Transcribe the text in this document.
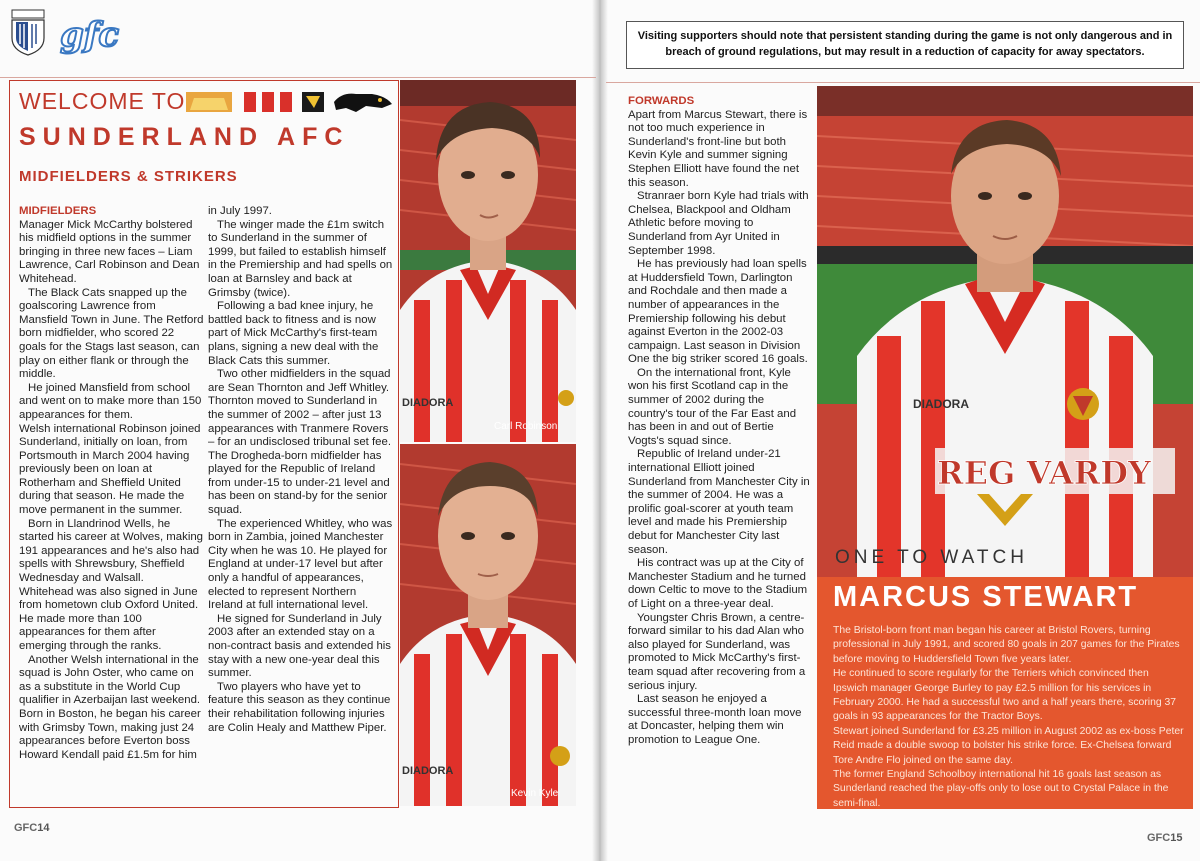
gfc
WELCOME TO
SUNDERLAND AFC
MIDFIELDERS & STRIKERS
MIDFIELDERS

Manager Mick McCarthy bolstered his midfield options in the summer bringing in three new faces – Liam Lawrence, Carl Robinson and Dean Whitehead.

The Black Cats snapped up the goalscoring Lawrence from Mansfield Town in June. The Retford born midfielder, who scored 22 goals for the Stags last season, can play on either flank or through the middle.

He joined Mansfield from school and went on to make more than 150 appearances for them.

Welsh international Robinson joined Sunderland, initially on loan, from Portsmouth in March 2004 having previously been on loan at Rotherham and Sheffield United during that season. He made the move permanent in the summer.

Born in Llandrinod Wells, he started his career at Wolves, making 191 appearances and he's also had spells with Shrewsbury, Sheffield Wednesday and Walsall.

Whitehead was also signed in June from hometown club Oxford United. He made more than 100 appearances for them after emerging through the ranks.

Another Welsh international in the squad is John Oster, who came on as a substitute in the World Cup qualifier in Azerbaijan last weekend. Born in Boston, he began his career with Grimsby Town, making just 24 appearances before Everton boss Howard Kendall paid £1.5m for him

in July 1997.

The winger made the £1m switch to Sunderland in the summer of 1999, but failed to establish himself in the Premiership and had spells on loan at Barnsley and back at Grimsby (twice).

Following a bad knee injury, he battled back to fitness and is now part of Mick McCarthy's first-team plans, signing a new deal with the Black Cats this summer.

Two other midfielders in the squad are Sean Thornton and Jeff Whitley. Thornton moved to Sunderland in the summer of 2002 – after just 13 appearances with Tranmere Rovers – for an undisclosed tribunal set fee.

The Drogheda-born midfielder has played for the Republic of Ireland from under-15 to under-21 level and has been on stand-by for the senior squad.

The experienced Whitley, who was born in Zambia, joined Manchester City when he was 10. He played for England at under-17 level but after only a handful of appearances, elected to represent Northern Ireland at full international level.

He signed for Sunderland in July 2003 after an extended stay on a non-contract basis and extended his stay with a new one-year deal this summer.

Two players who have yet to feature this season as they continue their rehabilitation following injuries are Colin Healy and Matthew Piper.

DIADORA
Carl Robinson
DIADORA
Kevin Kyle
GFC14
Visiting supporters should note that persistent standing during the game is not only dangerous and in breach of ground regulations, but may result in a reduction of capacity for away spectators.
FORWARDS

Apart from Marcus Stewart, there is not too much experience in Sunderland's front-line but both Kevin Kyle and summer signing Stephen Elliott have found the net this season.

Stranraer born Kyle had trials with Chelsea, Blackpool and Oldham Athletic before moving to Sunderland from Ayr United in September 1998.

He has previously had loan spells at Huddersfield Town, Darlington and Rochdale and then made a number of appearances in the Premiership following his debut against Everton in the 2002-03 campaign. Last season in Division One the big striker scored 16 goals.

On the international front, Kyle won his first Scotland cap in the summer of 2002 during the country's tour of the Far East and has been in and out of Bertie Vogts's squad since.

Republic of Ireland under-21 international Elliott joined Sunderland from Manchester City in the summer of 2004. He was a prolific goal-scorer at youth team level and made his Premiership debut for Manchester City last season.

His contract was up at the City of Manchester Stadium and he turned down Celtic to move to the Stadium of Light on a three-year deal.

Youngster Chris Brown, a centre-forward similar to his dad Alan who also played for Sunderland, was promoted to Mick McCarthy's first-team squad after recovering from a serious injury.

Last season he enjoyed a successful three-month loan move at Doncaster, helping them win promotion to League One.

DIADORA
REG VARDY
ONE TO WATCH
MARCUS STEWART

The Bristol-born front man began his career at Bristol Rovers, turning professional in July 1991, and scored 80 goals in 207 games for the Pirates before moving to Huddersfield Town five years later.

He continued to score regularly for the Terriers which convinced then Ipswich manager George Burley to pay £2.5 million for his services in February 2000. He had a successful two and a half years there, scoring 37 goals in 93 appearances for the Tractor Boys.

Stewart joined Sunderland for £3.25 million in August 2002 as ex-boss Peter Reid made a double swoop to bolster his strike force. Ex-Chelsea forward Tore Andre Flo joined on the same day.

The former England Schoolboy international hit 16 goals last season as Sunderland reached the play-offs only to lose out to Crystal Palace in the semi-final.

GFC15
